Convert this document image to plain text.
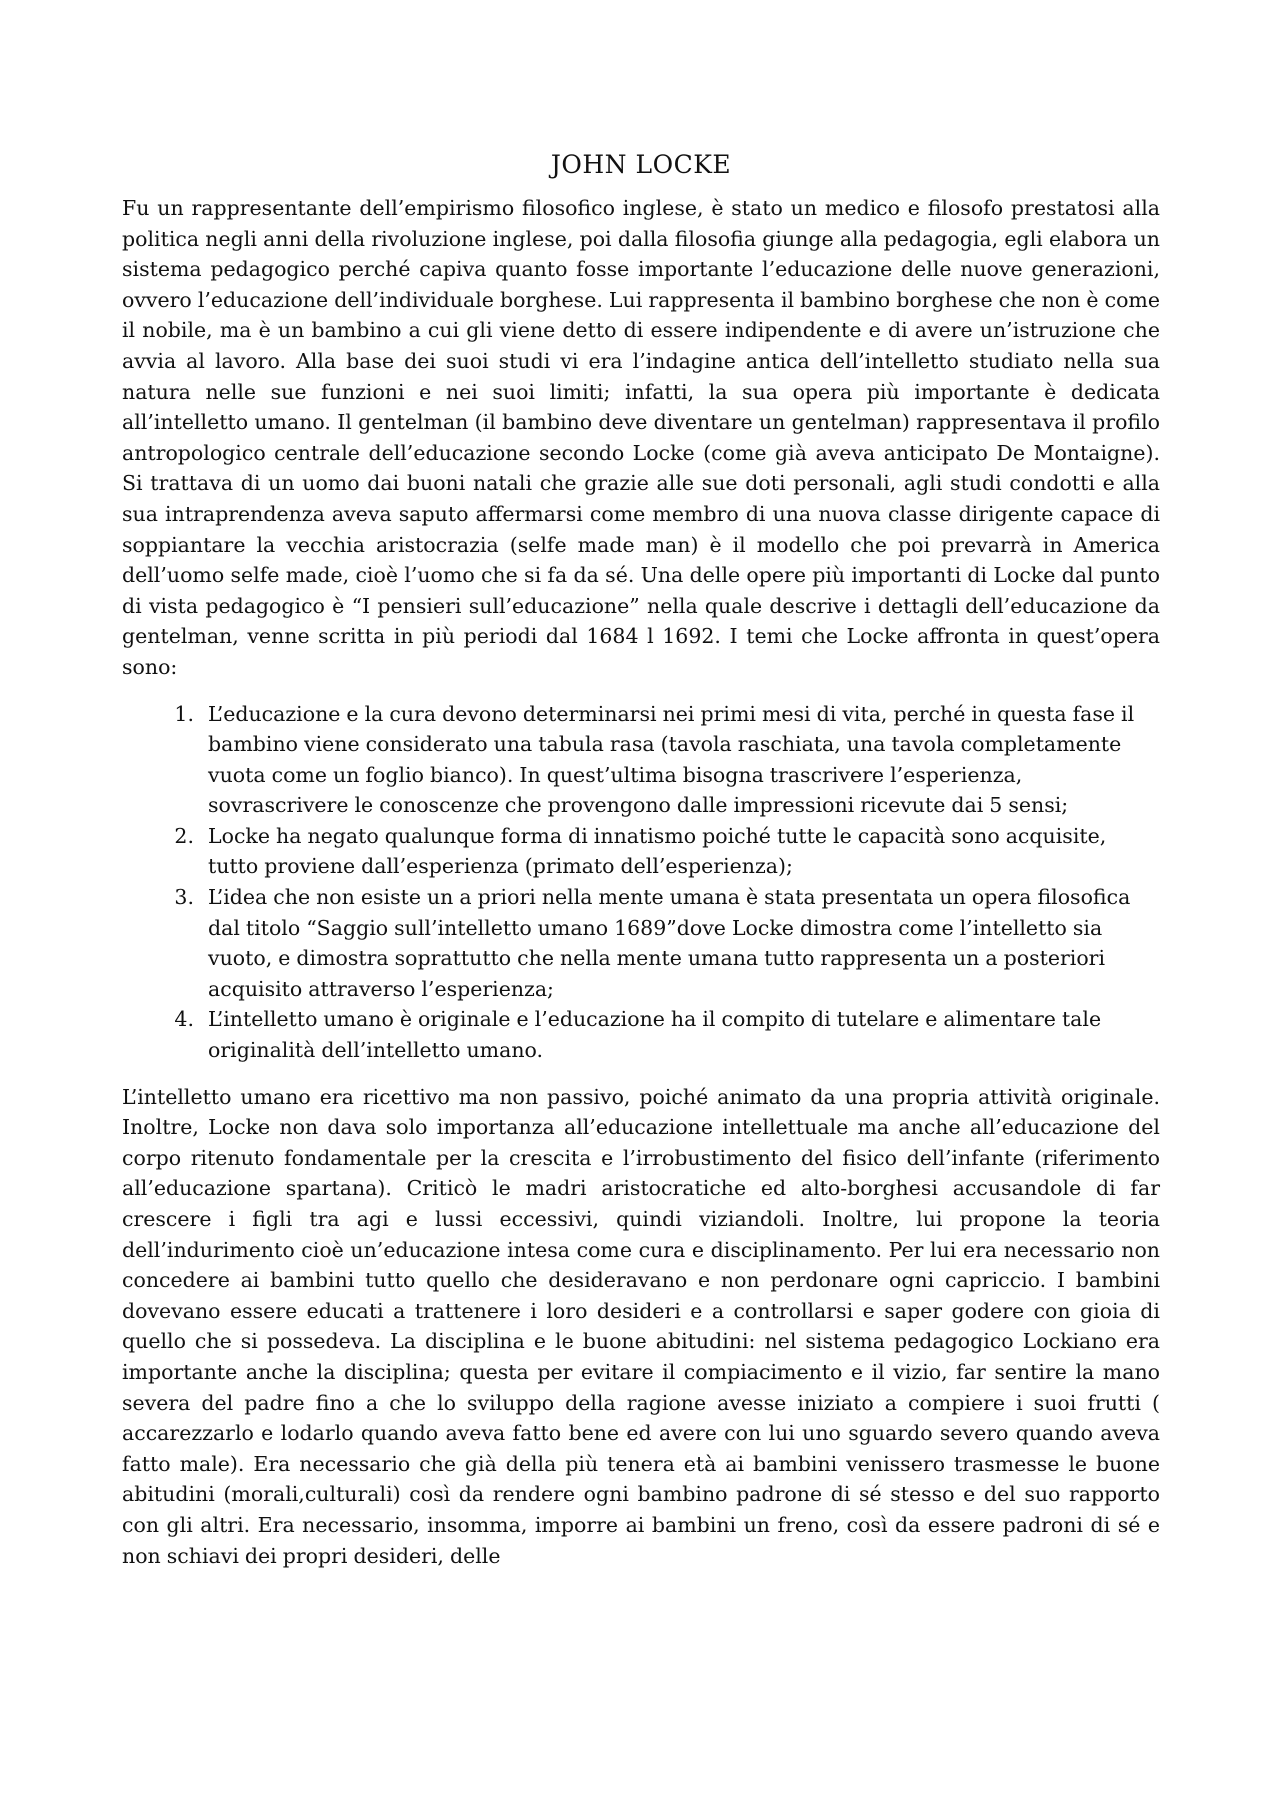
JOHN LOCKE

Fu un rappresentante dell’empirismo filosofico inglese, è stato un medico e filosofo prestatosi alla politica negli anni della rivoluzione inglese, poi dalla filosofia giunge alla pedagogia, egli elabora un sistema pedagogico perché capiva quanto fosse importante l’educazione delle nuove generazioni, ovvero l’educazione dell’individuale borghese. Lui rappresenta il bambino borghese che non è come il nobile, ma è un bambino a cui gli viene detto di essere indipendente e di avere un’istruzione che avvia al lavoro. Alla base dei suoi studi vi era l’indagine antica dell’intelletto studiato nella sua natura nelle sue funzioni e nei suoi limiti; infatti, la sua opera più importante è dedicata all’intelletto umano. Il gentelman (il bambino deve diventare un gentelman) rappresentava il profilo antropologico centrale dell’educazione secondo Locke (come già aveva anticipato De Montaigne). Si trattava di un uomo dai buoni natali che grazie alle sue doti personali, agli studi condotti e alla sua intraprendenza aveva saputo affermarsi come membro di una nuova classe dirigente capace di soppiantare la vecchia aristocrazia (selfe made man) è il modello che poi prevarrà in America dell’uomo selfe made, cioè l’uomo che si fa da sé. Una delle opere più importanti di Locke dal punto di vista pedagogico è “I pensieri sull’educazione” nella quale descrive i dettagli dell’educazione da gentelman, venne scritta in più periodi dal 1684 l 1692. I temi che Locke affronta in quest’opera sono:

1. L’educazione e la cura devono determinarsi nei primi mesi di vita, perché in questa fase il bambino viene considerato una tabula rasa (tavola raschiata, una tavola completamente vuota come un foglio bianco). In quest’ultima bisogna trascrivere l’esperienza, sovrascrivere le conoscenze che provengono dalle impressioni ricevute dai 5 sensi;
2. Locke ha negato qualunque forma di innatismo poiché tutte le capacità sono acquisite, tutto proviene dall’esperienza (primato dell’esperienza);
3. L’idea che non esiste un a priori nella mente umana è stata presentata un opera filosofica dal titolo “Saggio sull’intelletto umano 1689”dove Locke dimostra come l’intelletto sia vuoto, e dimostra soprattutto che nella mente umana tutto rappresenta un a posteriori acquisito attraverso l’esperienza;
4. L’intelletto umano è originale e l’educazione ha il compito di tutelare e alimentare tale originalità dell’intelletto umano.

L’intelletto umano era ricettivo ma non passivo, poiché animato da una propria attività originale. Inoltre, Locke non dava solo importanza all’educazione intellettuale ma anche all’educazione del corpo ritenuto fondamentale per la crescita e l’irrobustimento del fisico dell’infante (riferimento all’educazione spartana). Criticò le madri aristocratiche ed alto-borghesi accusandole di far crescere i figli tra agi e lussi eccessivi, quindi viziandoli. Inoltre, lui propone la teoria dell’indurimento cioè un’educazione intesa come cura e disciplinamento. Per lui era necessario non concedere ai bambini tutto quello che desideravano e non perdonare ogni capriccio. I bambini dovevano essere educati a trattenere i loro desideri e a controllarsi e saper godere con gioia di quello che si possedeva. La disciplina e le buone abitudini: nel sistema pedagogico Lockiano era importante anche la disciplina; questa per evitare il compiacimento e il vizio, far sentire la mano severa del padre fino a che lo sviluppo della ragione avesse iniziato a compiere i suoi frutti ( accarezzarlo e lodarlo quando aveva fatto bene ed avere con lui uno sguardo severo quando aveva fatto male). Era necessario che già della più tenera età ai bambini venissero trasmesse le buone abitudini (morali,culturali) così da rendere ogni bambino padrone di sé stesso e del suo rapporto con gli altri. Era necessario, insomma, imporre ai bambini un freno, così da essere padroni di sé e non schiavi dei propri desideri, delle
